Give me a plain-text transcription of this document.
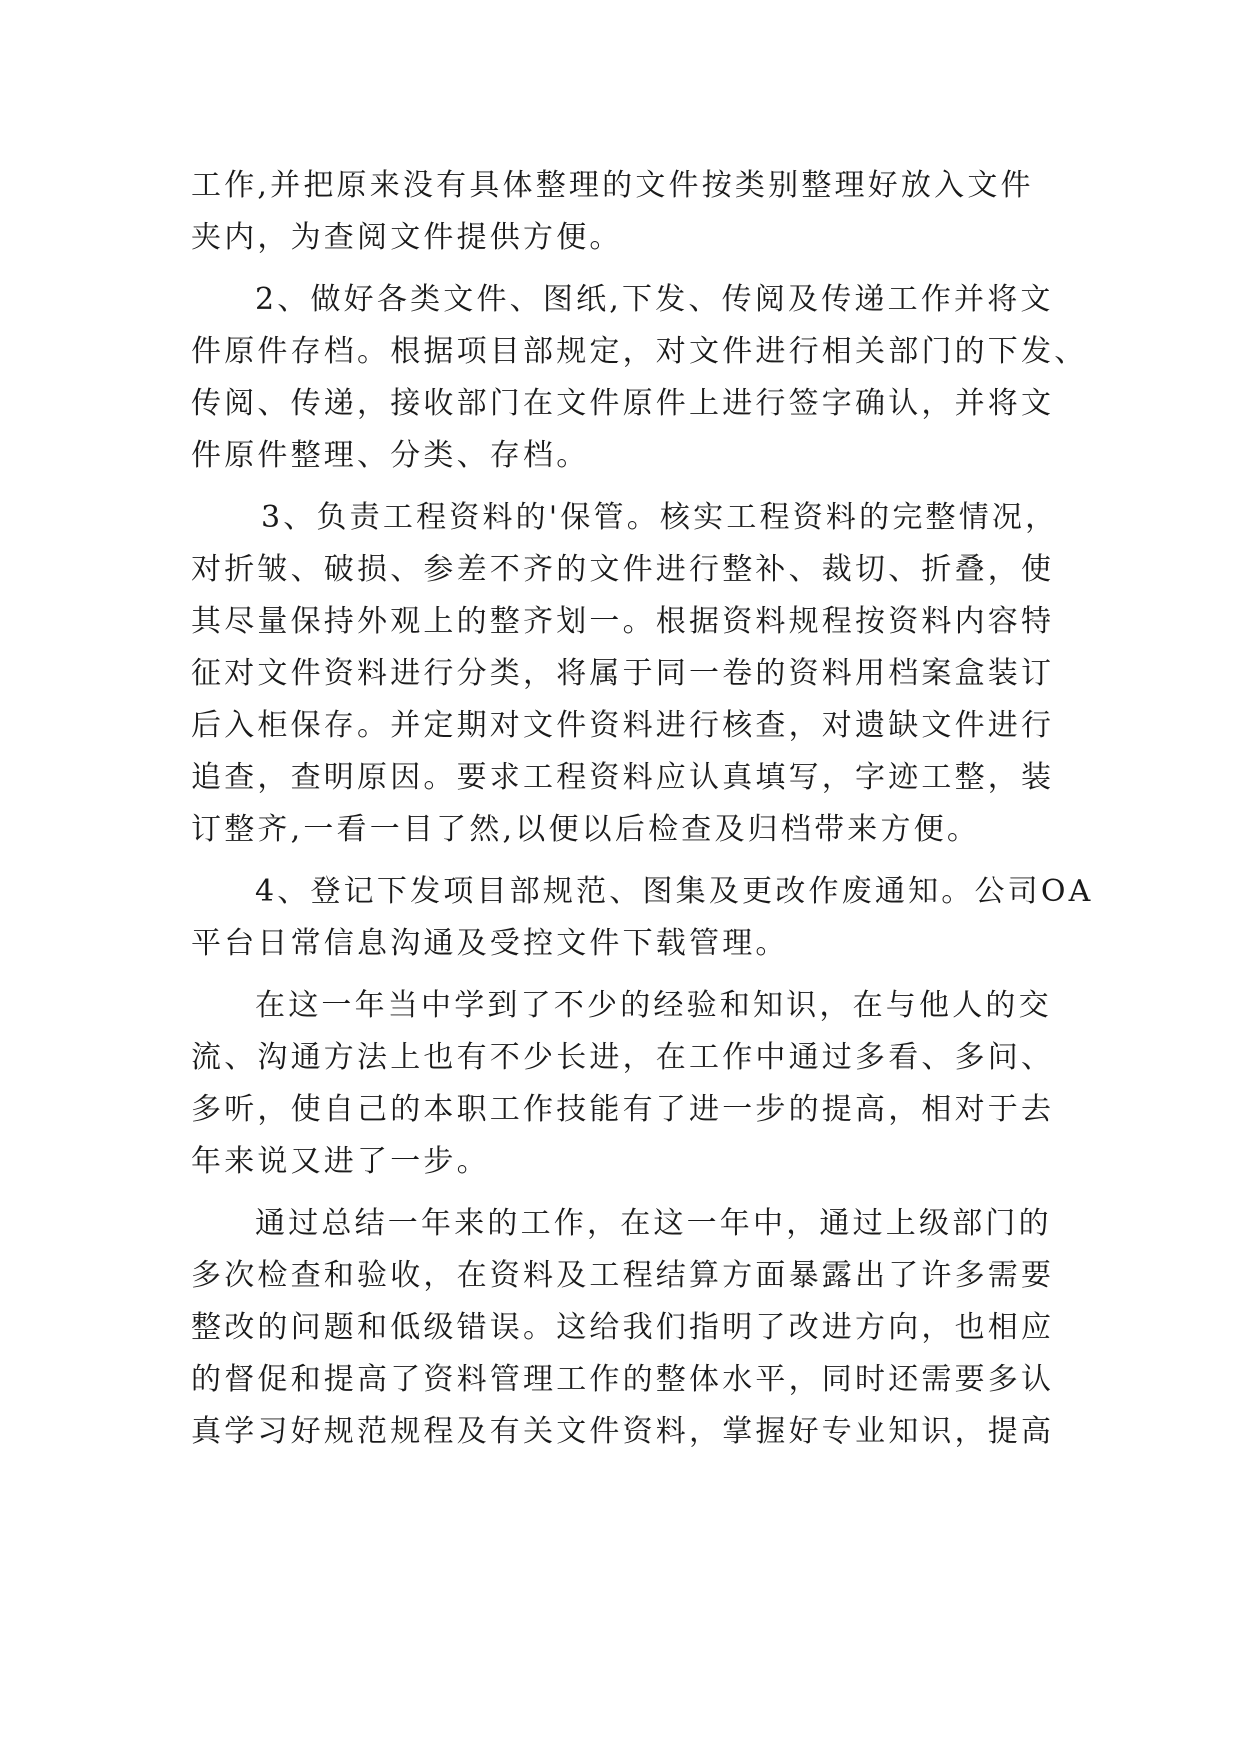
工作,并把原来没有具体整理的文件按类别整理好放入文件
夹内，为查阅文件提供方便。
2、做好各类文件、图纸,下发、传阅及传递工作并将文
件原件存档。根据项目部规定，对文件进行相关部门的下发、
传阅、传递，接收部门在文件原件上进行签字确认，并将文
件原件整理、分类、存档。
3、负责工程资料的'保管。核实工程资料的完整情况，
对折皱、破损、参差不齐的文件进行整补、裁切、折叠，使
其尽量保持外观上的整齐划一。根据资料规程按资料内容特
征对文件资料进行分类，将属于同一卷的资料用档案盒装订
后入柜保存。并定期对文件资料进行核查，对遗缺文件进行
追查，查明原因。要求工程资料应认真填写，字迹工整，装
订整齐,一看一目了然,以便以后检查及归档带来方便。
4、登记下发项目部规范、图集及更改作废通知。公司OA
平台日常信息沟通及受控文件下载管理。
在这一年当中学到了不少的经验和知识，在与他人的交
流、沟通方法上也有不少长进，在工作中通过多看、多问、
多听，使自己的本职工作技能有了进一步的提高，相对于去
年来说又进了一步。
通过总结一年来的工作，在这一年中，通过上级部门的
多次检查和验收，在资料及工程结算方面暴露出了许多需要
整改的问题和低级错误。这给我们指明了改进方向，也相应
的督促和提高了资料管理工作的整体水平，同时还需要多认
真学习好规范规程及有关文件资料，掌握好专业知识，提高
